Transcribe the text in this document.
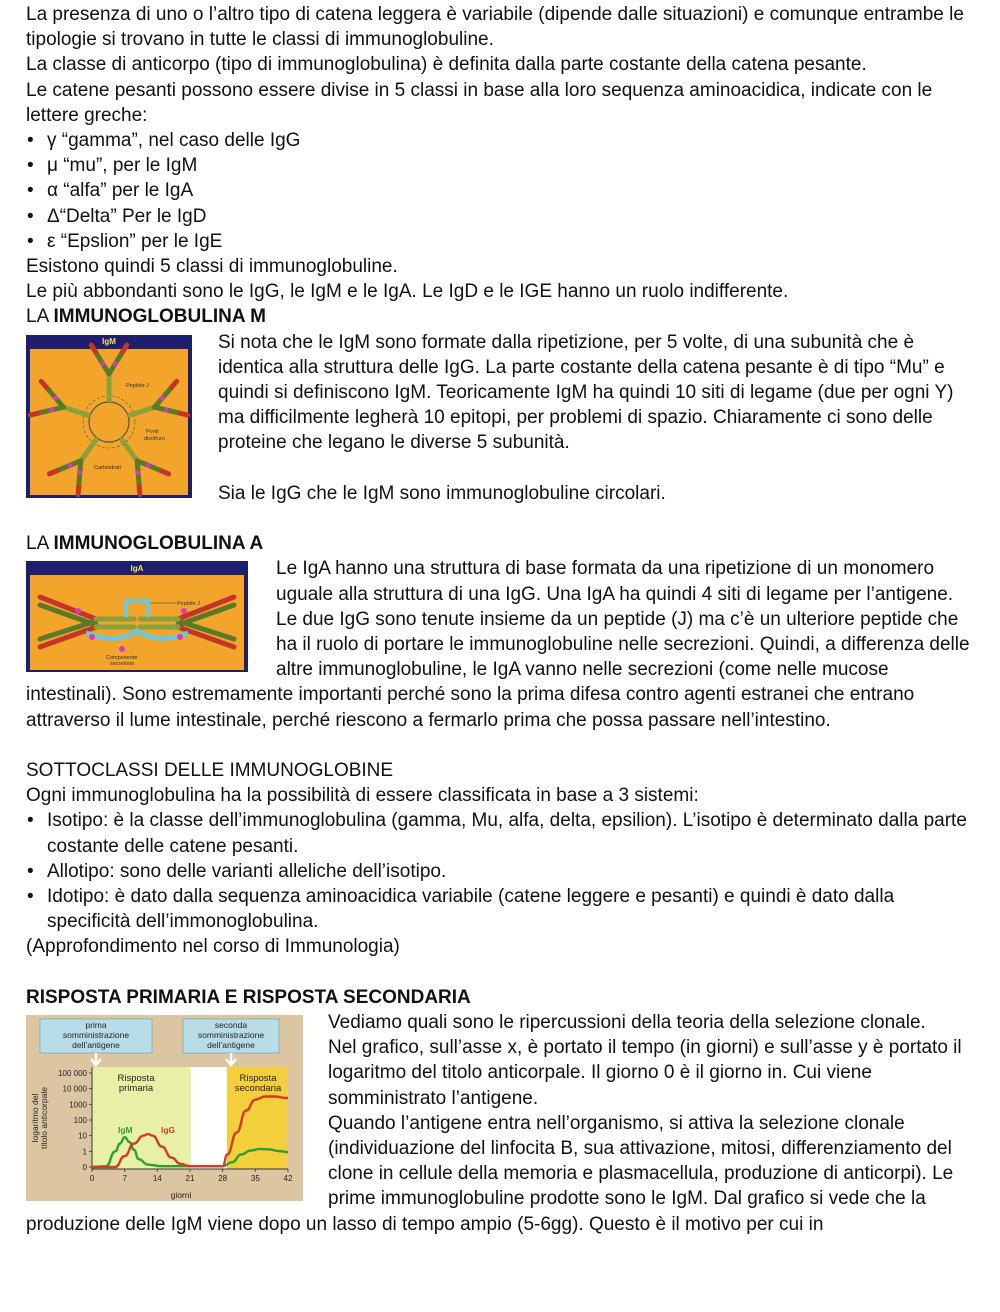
La presenza di uno o l’altro tipo di catena leggera è variabile (dipende dalle situazioni) e comunque entrambe le tipologie si trovano in tutte le classi di immunoglobuline.

La classe di anticorpo (tipo di immunoglobulina) è definita dalla parte costante della catena pesante.

Le catene pesanti possono essere divise in 5 classi in base alla loro sequenza aminoacidica, indicate con le lettere greche:

• γ “gamma”, nel caso delle IgG
• μ “mu”, per le IgM
• α “alfa” per le IgA
• Δ“Delta” Per le IgD
• ε “Epslion” per le IgE

Esistono quindi 5 classi di immunoglobuline.

Le più abbondanti sono le IgG, le IgM e le IgA. Le IgD e le IGE hanno un ruolo indifferente.

LA IMMUNOGLOBULINA M

IgM
Peptide J
Ponti
disolfuro
Carboidrati

Si nota che le IgM sono formate dalla ripetizione, per 5 volte, di una subunità che è identica alla struttura delle IgG. La parte costante della catena pesante è di tipo “Mu” e quindi si definiscono IgM. Teoricamente IgM ha quindi 10 siti di legame (due per ogni Y) ma difficilmente legherà 10 epitopi, per problemi di spazio. Chiaramente ci sono delle proteine che legano le diverse 5 subunità.

Sia le IgG che le IgM sono immunoglobuline circolari.

LA IMMUNOGLOBULINA A

IgA
Peptide J
Componente
secretorio

Le IgA hanno una struttura di base formata da una ripetizione di un monomero uguale alla struttura di una IgG. Una IgA ha quindi 4 siti di legame per l’antigene. Le due IgG sono tenute insieme da un peptide (J) ma c’è un ulteriore peptide che ha il ruolo di portare le immunoglobuline nelle secrezioni. Quindi, a differenza delle altre immunoglobuline, le IgA vanno nelle secrezioni (come nelle mucose intestinali). Sono estremamente importanti perché sono la prima difesa contro agenti estranei che entrano attraverso il lume intestinale, perché riescono a fermarlo prima che possa passare nell’intestino.

SOTTOCLASSI DELLE IMMUNOGLOBINE

Ogni immunoglobulina ha la possibilità di essere classificata in base a 3 sistemi:

• Isotipo: è la classe dell’immunoglobulina (gamma, Mu, alfa, delta, epsilion). L’isotipo è determinato dalla parte costante delle catene pesanti.
• Allotipo: sono delle varianti alleliche dell’isotipo.
• Idotipo: è dato dalla sequenza aminoacidica variabile (catene leggere e pesanti) e quindi è dato dalla specificità dell’immonoglobulina.

(Approfondimento nel corso di Immunologia)

RISPOSTA PRIMARIA E RISPOSTA SECONDARIA

prima
somministrazione
dell’antigene
seconda
somministrazione
dell’antigene
Risposta
primaria
Risposta
secondaria
0
1
10
100
1000
10 000
100 000
0	7	14	21	28	35	42
giorni
logaritmo del titolo anticorpale	IgM	IgG

Vediamo quali sono le ripercussioni della teoria della selezione clonale.

Nel grafico, sull’asse x, è portato il tempo (in giorni) e sull’asse y è portato il logaritmo del titolo anticorpale. Il giorno 0 è il giorno in. Cui viene somministrato l’antigene.

Quando l’antigene entra nell’organismo, si attiva la selezione clonale (individuazione del linfocita B, sua attivazione, mitosi, differenziamento del clone in cellule della memoria e plasmacellula, produzione di anticorpi). Le prime immunoglobuline prodotte sono le IgM. Dal grafico si vede che la produzione delle IgM viene dopo un lasso di tempo ampio (5-6gg). Questo è il motivo per cui in
